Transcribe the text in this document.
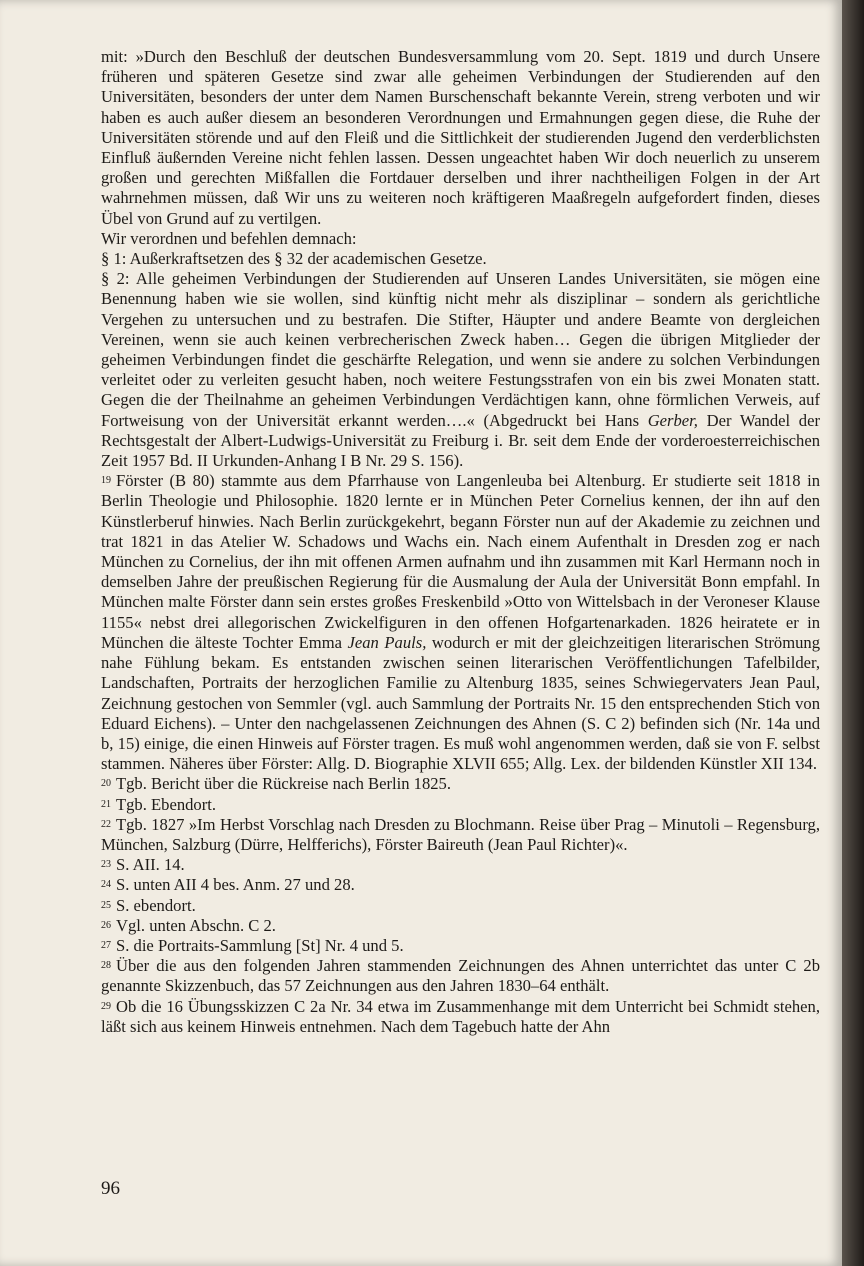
mit: »Durch den Beschluß der deutschen Bundesversammlung vom 20. Sept. 1819 und durch Unsere früheren und späteren Gesetze sind zwar alle geheimen Verbindungen der Studierenden auf den Universitäten, besonders der unter dem Namen Burschenschaft bekannte Verein, streng verboten und wir haben es auch außer diesem an besonderen Verordnungen und Ermahnungen gegen diese, die Ruhe der Universitäten störende und auf den Fleiß und die Sittlichkeit der studierenden Jugend den verderblichsten Einfluß äußernden Vereine nicht fehlen lassen. Dessen ungeachtet haben Wir doch neuerlich zu unserem großen und gerechten Mißfallen die Fortdauer derselben und ihrer nachtheiligen Folgen in der Art wahrnehmen müssen, daß Wir uns zu weiteren noch kräftigeren Maaßregeln aufgefordert finden, dieses Übel von Grund auf zu vertilgen.

Wir verordnen und befehlen demnach:

§ 1: Außerkraftsetzen des § 32 der academischen Gesetze.

§ 2: Alle geheimen Verbindungen der Studierenden auf Unseren Landes Universitäten, sie mögen eine Benennung haben wie sie wollen, sind künftig nicht mehr als disziplinar – sondern als gerichtliche Vergehen zu untersuchen und zu bestrafen. Die Stifter, Häupter und andere Beamte von dergleichen Vereinen, wenn sie auch keinen verbrecherischen Zweck haben… Gegen die übrigen Mitglieder der geheimen Verbindungen findet die geschärfte Relegation, und wenn sie andere zu solchen Verbindungen verleitet oder zu verleiten gesucht haben, noch weitere Festungsstrafen von ein bis zwei Monaten statt. Gegen die der Theilnahme an geheimen Verbindungen Verdächtigen kann, ohne förmlichen Verweis, auf Fortweisung von der Universität erkannt werden….« (Abgedruckt bei Hans Gerber, Der Wandel der Rechtsgestalt der Albert-Ludwigs-Universität zu Freiburg i. Br. seit dem Ende der vorderoesterreichischen Zeit 1957 Bd. II Urkunden-Anhang I B Nr. 29 S. 156).

19 Förster (B 80) stammte aus dem Pfarrhause von Langenleuba bei Altenburg. Er studierte seit 1818 in Berlin Theologie und Philosophie. 1820 lernte er in München Peter Cornelius kennen, der ihn auf den Künstlerberuf hinwies. Nach Berlin zurückgekehrt, begann Förster nun auf der Akademie zu zeichnen und trat 1821 in das Atelier W. Schadows und Wachs ein. Nach einem Aufenthalt in Dresden zog er nach München zu Cornelius, der ihn mit offenen Armen aufnahm und ihn zusammen mit Karl Hermann noch in demselben Jahre der preußischen Regierung für die Ausmalung der Aula der Universität Bonn empfahl. In München malte Förster dann sein erstes großes Freskenbild »Otto von Wittelsbach in der Veroneser Klause 1155« nebst drei allegorischen Zwickelfiguren in den offenen Hofgartenarkaden. 1826 heiratete er in München die älteste Tochter Emma Jean Pauls, wodurch er mit der gleichzeitigen literarischen Strömung nahe Fühlung bekam. Es entstanden zwischen seinen literarischen Veröffentlichungen Tafelbilder, Landschaften, Portraits der herzoglichen Familie zu Altenburg 1835, seines Schwiegervaters Jean Paul, Zeichnung gestochen von Semmler (vgl. auch Sammlung der Portraits Nr. 15 den entsprechenden Stich von Eduard Eichens). – Unter den nachgelassenen Zeichnungen des Ahnen (S. C 2) befinden sich (Nr. 14a und b, 15) einige, die einen Hinweis auf Förster tragen. Es muß wohl angenommen werden, daß sie von F. selbst stammen. Näheres über Förster: Allg. D. Biographie XLVII 655; Allg. Lex. der bildenden Künstler XII 134.

20 Tgb. Bericht über die Rückreise nach Berlin 1825.

21 Tgb. Ebendort.

22 Tgb. 1827 »Im Herbst Vorschlag nach Dresden zu Blochmann. Reise über Prag – Minutoli – Regensburg, München, Salzburg (Dürre, Helfferichs), Förster Baireuth (Jean Paul Richter)«.

23 S. AII. 14.

24 S. unten AII 4 bes. Anm. 27 und 28.

25 S. ebendort.

26 Vgl. unten Abschn. C 2.

27 S. die Portraits-Sammlung [St] Nr. 4 und 5.

28 Über die aus den folgenden Jahren stammenden Zeichnungen des Ahnen unterrichtet das unter C 2b genannte Skizzenbuch, das 57 Zeichnungen aus den Jahren 1830–64 enthält.

29 Ob die 16 Übungsskizzen C 2a Nr. 34 etwa im Zusammenhange mit dem Unterricht bei Schmidt stehen, läßt sich aus keinem Hinweis entnehmen. Nach dem Tagebuch hatte der Ahn

96
